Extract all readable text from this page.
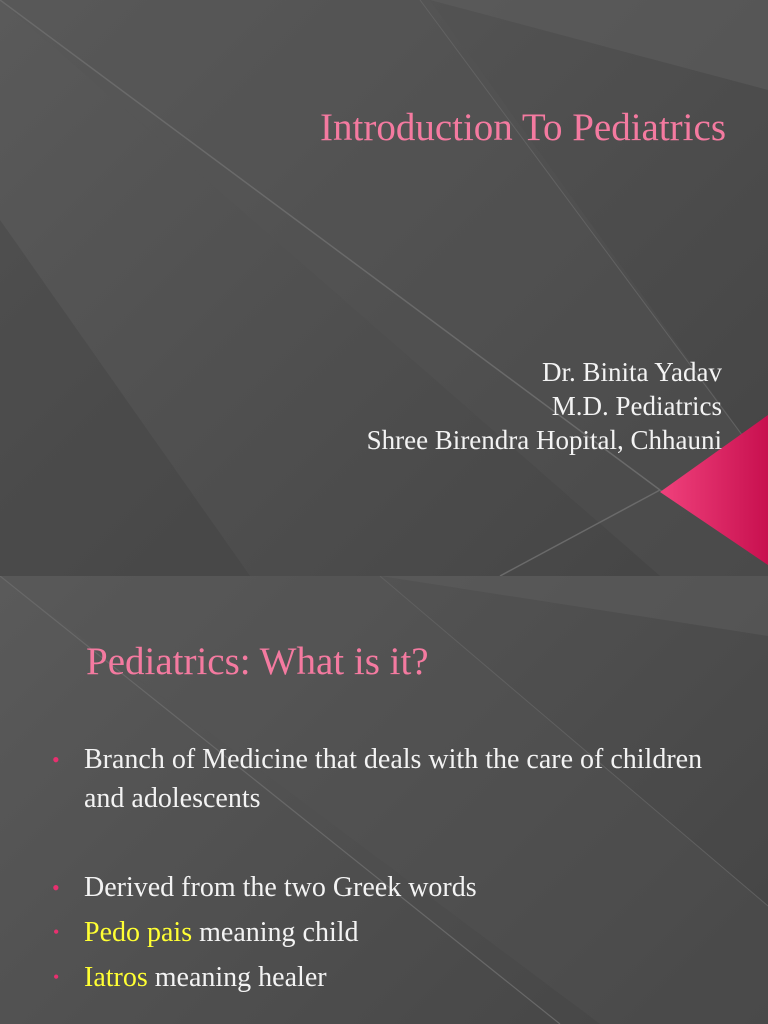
Introduction To Pediatrics
Dr. Binita Yadav
M.D. Pediatrics
Shree Birendra Hopital, Chhauni
Pediatrics: What is it?
• Branch of Medicine that deals with the care of children and adolescents
• Derived from the two Greek words
• Pedo pais meaning child
• Iatros meaning healer
